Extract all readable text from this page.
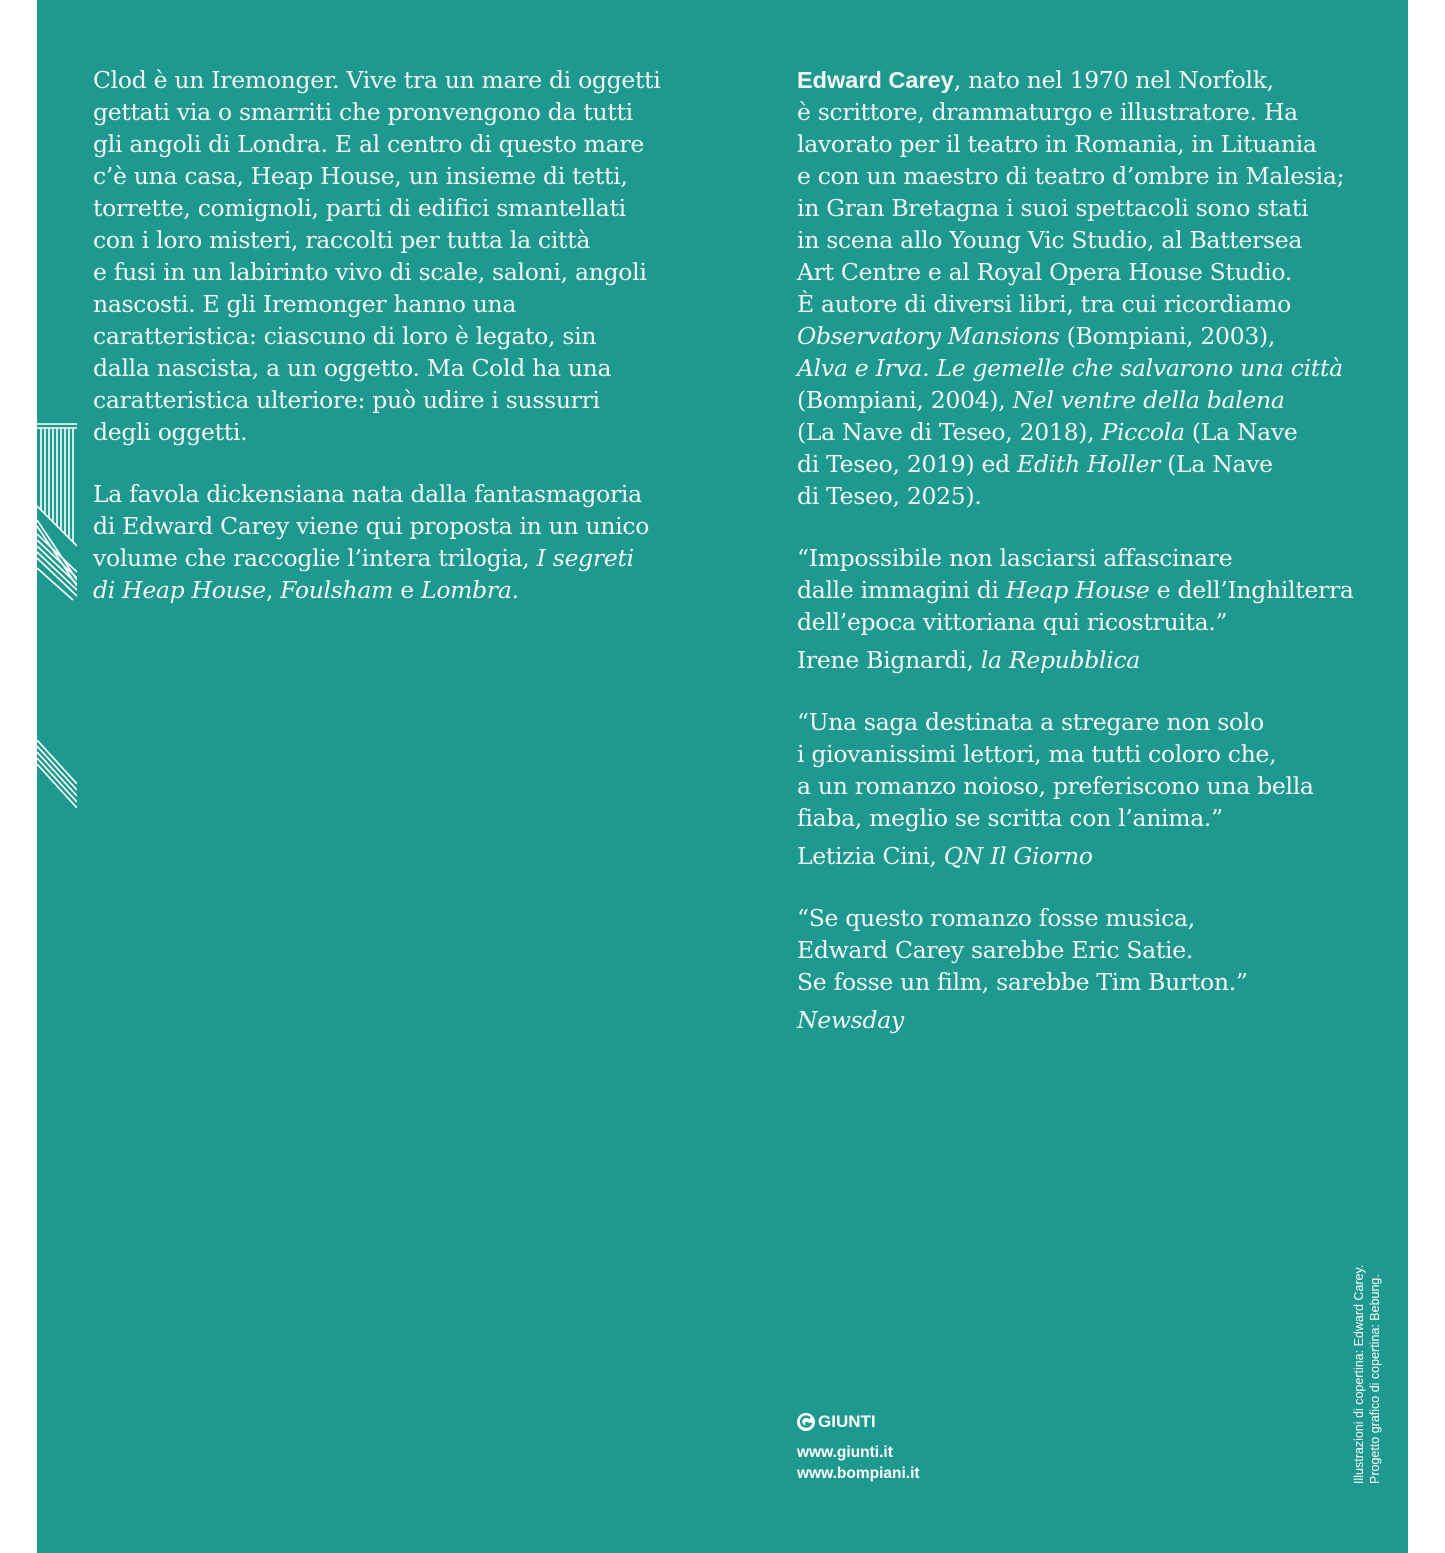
Clod è un Iremonger. Vive tra un mare di oggetti
gettati via o smarriti che pronvengono da tutti
gli angoli di Londra. E al centro di questo mare
c’è una casa, Heap House, un insieme di tetti,
torrette, comignoli, parti di edifici smantellati
con i loro misteri, raccolti per tutta la città
e fusi in un labirinto vivo di scale, saloni, angoli
nascosti. E gli Iremonger hanno una
caratteristica: ciascuno di loro è legato, sin
dalla nascista, a un oggetto. Ma Cold ha una
caratteristica ulteriore: può udire i sussurri
degli oggetti.

La favola dickensiana nata dalla fantasmagoria
di Edward Carey viene qui proposta in un unico
volume che raccoglie l’intera trilogia, I segreti
di Heap House, Foulsham e Lombra.

Edward Carey, nato nel 1970 nel Norfolk,
è scrittore, drammaturgo e illustratore. Ha
lavorato per il teatro in Romania, in Lituania
e con un maestro di teatro d’ombre in Malesia;
in Gran Bretagna i suoi spettacoli sono stati
in scena allo Young Vic Studio, al Battersea
Art Centre e al Royal Opera House Studio.
È autore di diversi libri, tra cui ricordiamo
Observatory Mansions (Bompiani, 2003),
Alva e Irva. Le gemelle che salvarono una città
(Bompiani, 2004), Nel ventre della balena
(La Nave di Teseo, 2018), Piccola (La Nave
di Teseo, 2019) ed Edith Holler (La Nave
di Teseo, 2025).

“Impossibile non lasciarsi affascinare
dalle immagini di Heap House e dell’Inghilterra
dell’epoca vittoriana qui ricostruita.”

Irene Bignardi, la Repubblica

“Una saga destinata a stregare non solo
i giovanissimi lettori, ma tutti coloro che,
a un romanzo noioso, preferiscono una bella
fiaba, meglio se scritta con l’anima.”

Letizia Cini, QN Il Giorno

“Se questo romanzo fosse musica,
Edward Carey sarebbe Eric Satie.
Se fosse un film, sarebbe Tim Burton.”

Newsday

GIUNTI
www.giunti.it
www.bompiani.it	Illustrazioni di copertina: Edward Carey. Progetto grafico di copertina: Bebung.
